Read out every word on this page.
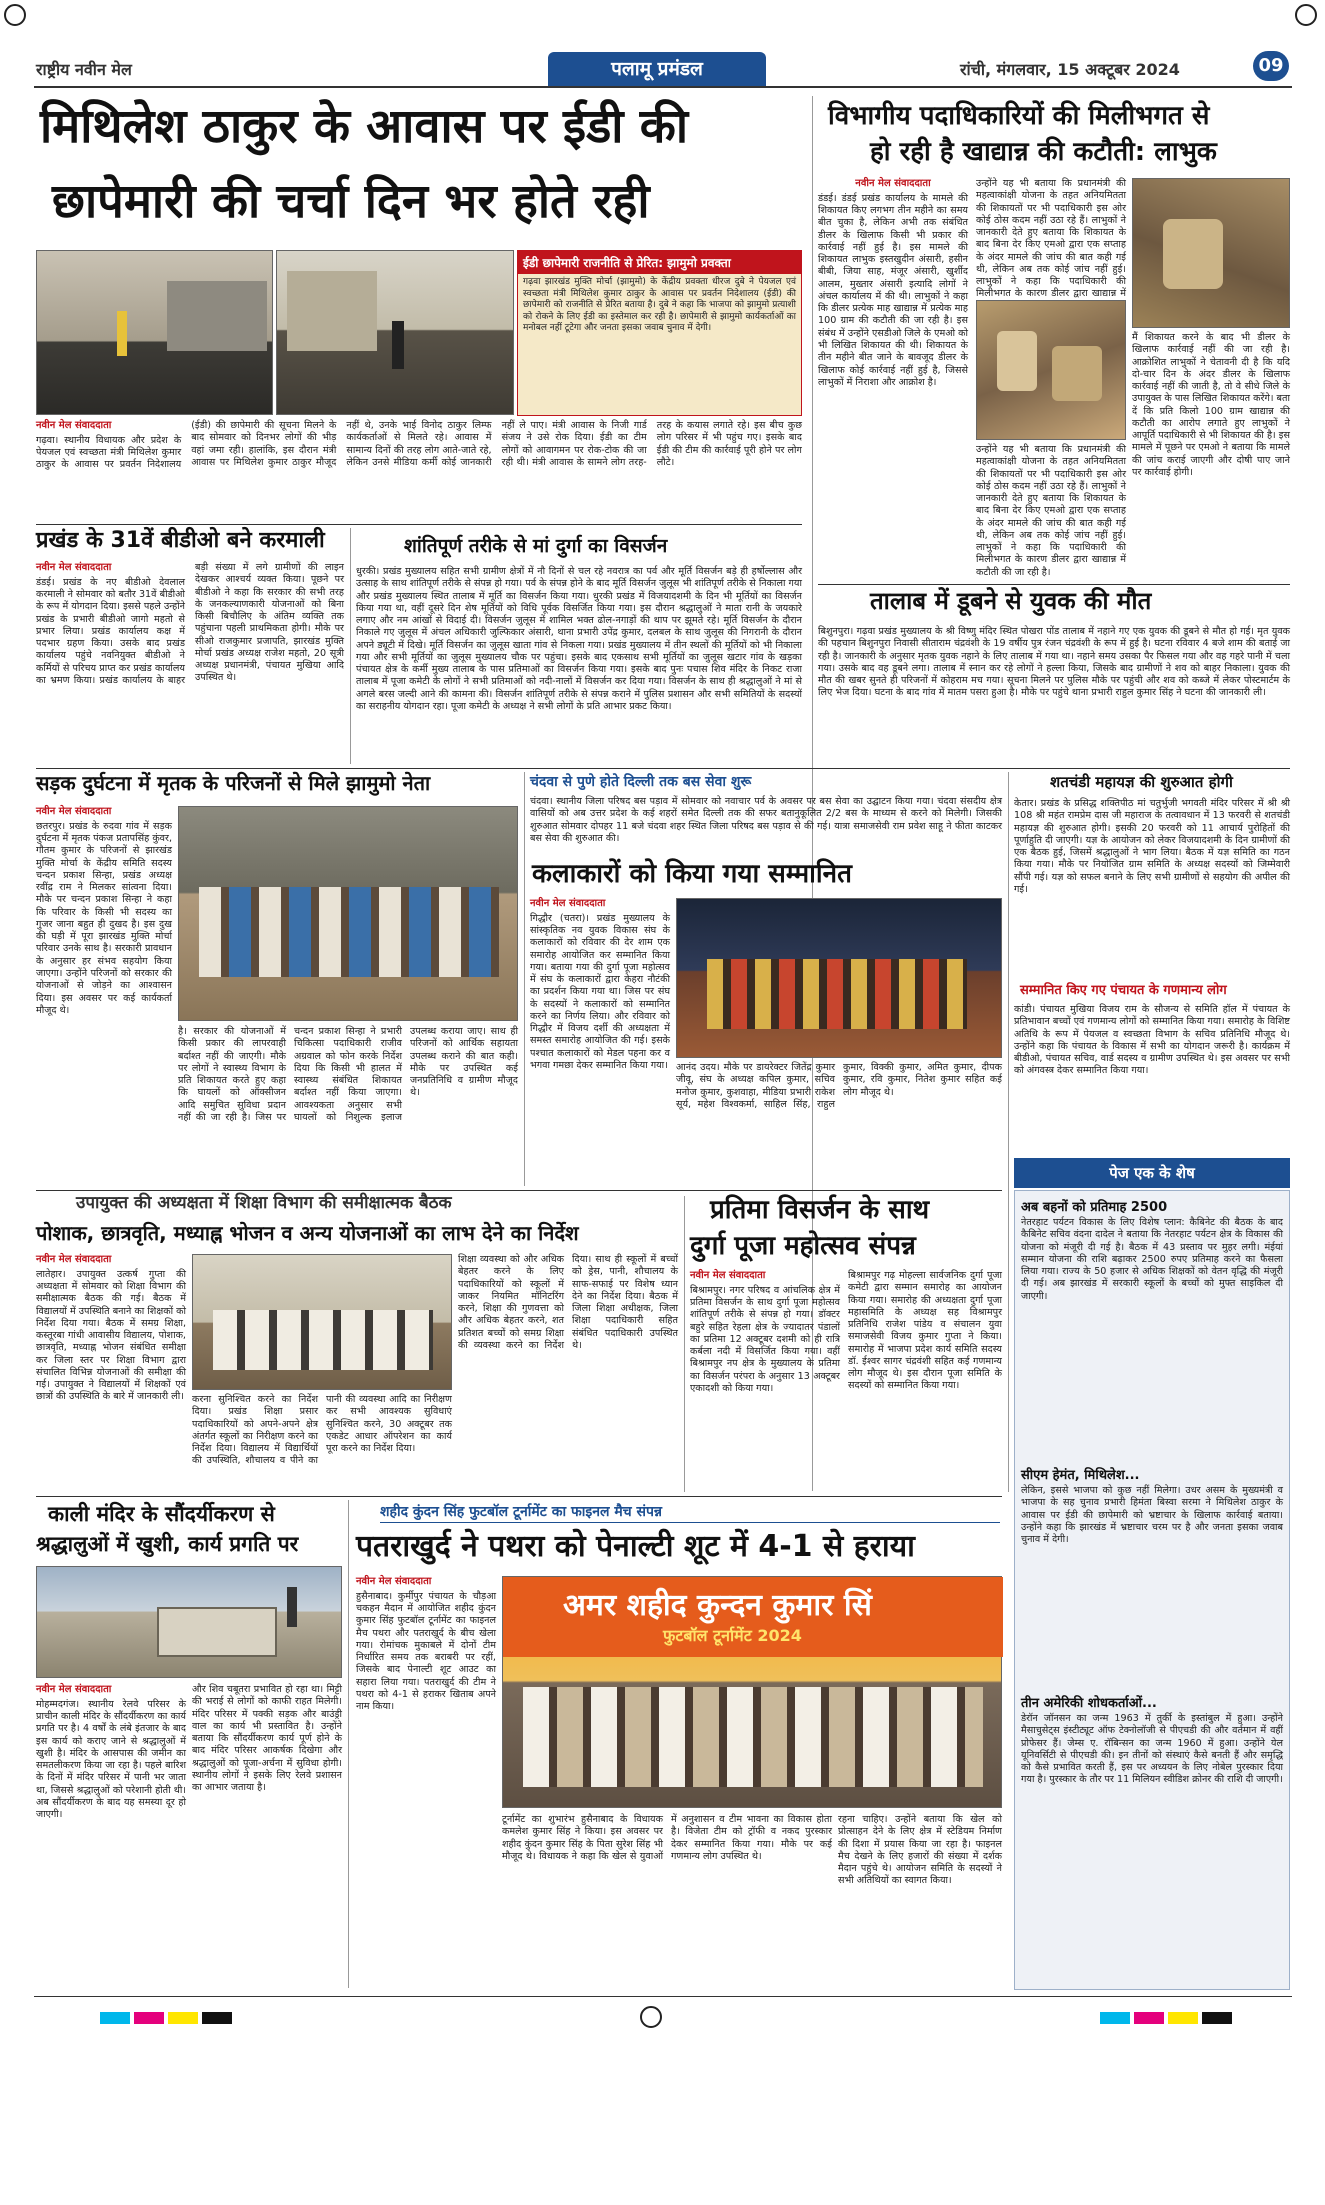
राष्ट्रीय नवीन मेल	पलामू प्रमंडल	रांची, मंगलवार, 15 अक्टूबर 2024	09
मिथिलेश ठाकुर के आवास पर ईडी की
छापेमारी की चर्चा दिन भर होते रही
ईडी छापेमारी राजनीति से प्रेरित: झामुमो प्रवक्ता
गढ़वा झारखंड मुक्ति मोर्चा (झामुमो) के केंद्रीय प्रवक्ता धीरज दुबे ने पेयजल एवं स्वच्छता मंत्री मिथिलेश कुमार ठाकुर के आवास पर प्रवर्तन निदेशालय (ईडी) की छापेमारी को राजनीति से प्रेरित बताया है। दुबे ने कहा कि भाजपा को झामुमो प्रत्याशी को रोकने के लिए ईडी का इस्तेमाल कर रही है। छापेमारी से झामुमो कार्यकर्ताओं का मनोबल नहीं टूटेगा और जनता इसका जवाब चुनाव में देगी।
नवीन मेल संवाददाता
गढ़वा। स्थानीय विधायक और प्रदेश के पेयजल एवं स्वच्छता मंत्री मिथिलेश कुमार ठाकुर के आवास पर प्रवर्तन निदेशालय (ईडी) की छापेमारी की सूचना मिलने के बाद सोमवार को दिनभर लोगों की भीड़ वहां जमा रही। हालांकि, इस दौरान मंत्री आवास पर मिथिलेश कुमार ठाकुर मौजूद नहीं थे, उनके भाई विनोद ठाकुर लिम्फ कार्यकर्ताओं से मिलते रहे। आवास में सामान्य दिनों की तरह लोग आते-जाते रहे, लेकिन उनसे मीडिया कर्मी कोई जानकारी नहीं ले पाए। मंत्री आवास के निजी गार्ड संजय ने उसे रोक दिया। ईडी का टीम लोगों को आवागमन पर रोक-टोक की जा रही थी। मंत्री आवास के सामने लोग तरह-तरह के कयास लगाते रहे। इस बीच कुछ लोग परिसर में भी पहुंच गए। इसके बाद ईडी की टीम की कार्रवाई पूरी होने पर लोग लौटे।
विभागीय पदाधिकारियों की मिलीभगत से
हो रही है खाद्यान्न की कटौती: लाभुक
नवीन मेल संवाददाता
डंडई। डंडई प्रखंड कार्यालय के मामले की शिकायत किए लगभग तीन महीने का समय बीत चुका है, लेकिन अभी तक संबंधित डीलर के खिलाफ किसी भी प्रकार की कार्रवाई नहीं हुई है। इस मामले की शिकायत लाभुक इस्तखुदीन अंसारी, हसीन बीबी, जिया साह, मंजूर अंसारी, खुर्शीद आलम, मुख्तार अंसारी इत्यादि लोगों ने अंचल कार्यालय में की थी। लाभुकों ने कहा कि डीलर प्रत्येक माह खाद्यान्न में प्रत्येक माह 100 ग्राम की कटौती की जा रही है। इस संबंध में उन्होंने एसडीओ जिले के एमओ को भी लिखित शिकायत की थी। शिकायत के तीन महीने बीत जाने के बावजूद डीलर के खिलाफ कोई कार्रवाई नहीं हुई है, जिससे लाभुकों में निराशा और आक्रोश है।
उन्होंने यह भी बताया कि प्रधानमंत्री की महत्वाकांक्षी योजना के तहत अनियमितता की शिकायतों पर भी पदाधिकारी इस ओर कोई ठोस कदम नहीं उठा रहे हैं। लाभुकों ने जानकारी देते हुए बताया कि शिकायत के बाद बिना देर किए एमओ द्वारा एक सप्ताह के अंदर मामले की जांच की बात कही गई थी, लेकिन अब तक कोई जांच नहीं हुई। लाभुकों ने कहा कि पदाधिकारी की मिलीभगत के कारण डीलर द्वारा खाद्यान्न में
उन्होंने यह भी बताया कि प्रधानमंत्री की महत्वाकांक्षी योजना के तहत अनियमितता की शिकायतों पर भी पदाधिकारी इस ओर कोई ठोस कदम नहीं उठा रहे हैं। लाभुकों ने जानकारी देते हुए बताया कि शिकायत के बाद बिना देर किए एमओ द्वारा एक सप्ताह के अंदर मामले की जांच की बात कही गई थी, लेकिन अब तक कोई जांच नहीं हुई। लाभुकों ने कहा कि पदाधिकारी की मिलीभगत के कारण डीलर द्वारा खाद्यान्न में कटौती की जा रही है।
मैं शिकायत करने के बाद भी डीलर के खिलाफ कार्रवाई नहीं की जा रही है। आक्रोशित लाभुकों ने चेतावनी दी है कि यदि दो-चार दिन के अंदर डीलर के खिलाफ कार्रवाई नहीं की जाती है, तो वे सीधे जिले के उपायुक्त के पास लिखित शिकायत करेंगे। बता दें कि प्रति किलो 100 ग्राम खाद्यान्न की कटौती का आरोप लगाते हुए लाभुकों ने आपूर्ति पदाधिकारी से भी शिकायत की है। इस मामले में पूछने पर एमओ ने बताया कि मामले की जांच कराई जाएगी और दोषी पाए जाने पर कार्रवाई होगी।
प्रखंड के 31वें बीडीओ बने करमाली
नवीन मेल संवाददाता
डंडई। प्रखंड के नए बीडीओ देवलाल करमाली ने सोमवार को बतौर 31वें बीडीओ के रूप में योगदान दिया। इससे पहले उन्होंने प्रखंड के प्रभारी बीडीओ जागो महतो से प्रभार लिया। प्रखंड कार्यालय कक्ष में पदभार ग्रहण किया। उसके बाद प्रखंड कार्यालय पहुंचे नवनियुक्त बीडीओ ने कर्मियों से परिचय प्राप्त कर प्रखंड कार्यालय का भ्रमण किया। प्रखंड कार्यालय के बाहर बड़ी संख्या में लगे ग्रामीणों की लाइन देखकर आश्चर्य व्यक्त किया। पूछने पर बीडीओ ने कहा कि सरकार की सभी तरह के जनकल्याणकारी योजनाओं को बिना किसी बिचौलिए के अंतिम व्यक्ति तक पहुंचाना पहली प्राथमिकता होगी। मौके पर सीओ राजकुमार प्रजापति, झारखंड मुक्ति मोर्चा प्रखंड अध्यक्ष राजेश महतो, 20 सूत्री अध्यक्ष प्रधानमंत्री, पंचायत मुखिया आदि उपस्थित थे।
शांतिपूर्ण तरीके से मां दुर्गा का विसर्जन
धुरकी। प्रखंड मुख्यालय सहित सभी ग्रामीण क्षेत्रों में नौ दिनों से चल रहे नवरात्र का पर्व और मूर्ति विसर्जन बड़े ही हर्षोल्लास और उत्साह के साथ शांतिपूर्ण तरीके से संपन्न हो गया। पर्व के संपन्न होने के बाद मूर्ति विसर्जन जुलूस भी शांतिपूर्ण तरीके से निकाला गया और प्रखंड मुख्यालय स्थित तालाब में मूर्ति का विसर्जन किया गया। धुरकी प्रखंड में विजयादशमी के दिन भी मूर्तियों का विसर्जन किया गया था, वहीं दूसरे दिन शेष मूर्तियों को विधि पूर्वक विसर्जित किया गया। इस दौरान श्रद्धालुओं ने माता रानी के जयकारे लगाए और नम आंखों से विदाई दी। विसर्जन जुलूस में शामिल भक्त ढोल-नगाड़ों की थाप पर झूमते रहे। मूर्ति विसर्जन के दौरान निकाले गए जुलूस में अंचल अधिकारी जुल्फिकार अंसारी, थाना प्रभारी उपेंद्र कुमार, दलबल के साथ जुलूस की निगरानी के दौरान अपने ड्यूटी में दिखे। मूर्ति विसर्जन का जुलूस खाता गांव से निकला गया। प्रखंड मुख्यालय में तीन स्थलों की मूर्तियों को भी निकाला गया और सभी मूर्तियों का जुलूस मुख्यालय चौक पर पहुंचा। इसके बाद एकसाथ सभी मूर्तियों का जुलूस खटार गांव के खड़का पंचायत क्षेत्र के कर्मी मुख्य तालाब के पास प्रतिमाओं का विसर्जन किया गया। इसके बाद पुनः पचास शिव मंदिर के निकट राजा तालाब में पूजा कमेटी के लोगों ने सभी प्रतिमाओं को नदी-नालों में विसर्जन कर दिया गया। विसर्जन के साथ ही श्रद्धालुओं ने मां से अगले बरस जल्दी आने की कामना की। विसर्जन शांतिपूर्ण तरीके से संपन्न कराने में पुलिस प्रशासन और सभी समितियों के सदस्यों का सराहनीय योगदान रहा। पूजा कमेटी के अध्यक्ष ने सभी लोगों के प्रति आभार प्रकट किया।
तालाब में डूबने से युवक की मौत
बिशुनपुरा। गढ़वा प्रखंड मुख्यालय के श्री विष्णु मंदिर स्थित पोखरा पोंड तालाब में नहाने गए एक युवक की डूबने से मौत हो गई। मृत युवक की पहचान बिशुनपुरा निवासी सीताराम चंद्रवंशी के 19 वर्षीय पुत्र रंजन चंद्रवंशी के रूप में हुई है। घटना रविवार 4 बजे शाम की बताई जा रही है। जानकारी के अनुसार मृतक युवक नहाने के लिए तालाब में गया था। नहाने समय उसका पैर फिसल गया और वह गहरे पानी में चला गया। उसके बाद वह डूबने लगा। तालाब में स्नान कर रहे लोगों ने हल्ला किया, जिसके बाद ग्रामीणों ने शव को बाहर निकाला। युवक की मौत की खबर सुनते ही परिजनों में कोहराम मच गया। सूचना मिलने पर पुलिस मौके पर पहुंची और शव को कब्जे में लेकर पोस्टमार्टम के लिए भेज दिया। घटना के बाद गांव में मातम पसरा हुआ है। मौके पर पहुंचे थाना प्रभारी राहुल कुमार सिंह ने घटना की जानकारी ली।
सड़क दुर्घटना में मृतक के परिजनों से मिले झामुमो नेता
नवीन मेल संवाददाता
छतरपुर। प्रखंड के रुदवा गांव में सड़क दुर्घटना में मृतक पंकज प्रतापसिंह कुंवर, गौतम कुमार के परिजनों से झारखंड मुक्ति मोर्चा के केंद्रीय समिति सदस्य चन्दन प्रकाश सिन्हा, प्रखंड अध्यक्ष रवींद्र राम ने मिलकर सांत्वना दिया। मौके पर चन्दन प्रकाश सिन्हा ने कहा कि परिवार के किसी भी सदस्य का गुजर जाना बहुत ही दुखद है। इस दुख की घड़ी में पूरा झारखंड मुक्ति मोर्चा परिवार उनके साथ है। सरकारी प्रावधान के अनुसार हर संभव सहयोग किया जाएगा। उन्होंने परिजनों को सरकार की योजनाओं से जोड़ने का आश्वासन दिया। इस अवसर पर कई कार्यकर्ता मौजूद थे।
है। सरकार की योजनाओं में किसी प्रकार की लापरवाही बर्दाश्त नहीं की जाएगी। मौके पर लोगों ने स्वास्थ्य विभाग के प्रति शिकायत करते हुए कहा कि घायलों को ऑक्सीजन आदि समुचित सुविधा प्रदान नहीं की जा रही है। जिस पर चन्दन प्रकाश सिन्हा ने प्रभारी चिकित्सा पदाधिकारी राजीव अग्रवाल को फोन करके निर्देश दिया कि किसी भी हालत में स्वास्थ्य संबंधित शिकायत बर्दाश्त नहीं किया जाएगा। आवश्यकता अनुसार सभी घायलों को निशुल्क इलाज उपलब्ध कराया जाए। साथ ही परिजनों को आर्थिक सहायता उपलब्ध कराने की बात कही। मौके पर उपस्थित कई जनप्रतिनिधि व ग्रामीण मौजूद थे।
चंदवा से पुणे होते दिल्ली तक बस सेवा शुरू
चंदवा। स्थानीय जिला परिषद बस पड़ाव में सोमवार को नवाचार पर्व के अवसर पर बस सेवा का उद्घाटन किया गया। चंदवा संसदीय क्षेत्र वासियों को अब उत्तर प्रदेश के कई शहरों समेत दिल्ली तक की सफर बतानुकूलित 2/2 बस के माध्यम से करने को मिलेगी। जिसकी शुरुआत सोमवार दोपहर 11 बजे चंदवा शहर स्थित जिला परिषद बस पड़ाव से की गई। यात्रा समाजसेवी राम प्रवेश साहू ने फीता काटकर बस सेवा की शुरुआत की।
कलाकारों को किया गया सम्मानित
नवीन मेल संवाददाता
गिद्धौर (चतरा)। प्रखंड मुख्यालय के सांस्कृतिक नव युवक विकास संघ के कलाकारों को रविवार की देर शाम एक समारोह आयोजित कर सम्मानित किया गया। बताया गया की दुर्गा पूजा महोत्सव में संघ के कलाकारों द्वारा केहरा नौटंकी का प्रदर्शन किया गया था। जिस पर संघ के सदस्यों ने कलाकारों को सम्मानित करने का निर्णय लिया। और रविवार को गिद्धौर में विजय दर्शी की अध्यक्षता में समस्त समारोह आयोजित की गई। इसके पश्चात कलाकारों को मेडल पहना कर व भगवा गमछा देकर सम्मानित किया गया। आनंद उदय। मौके पर डायरेक्टर जितेंद्र कुमार जीवू, संघ के अध्यक्ष कपिल कुमार, सचिव मनोज कुमार, कुशवाहा, मीडिया प्रभारी राकेश सूर्य, महेश विश्वकर्मा, साहिल सिंह, राहुल कुमार, विक्की कुमार, अमित कुमार, दीपक कुमार, रवि कुमार, नितेश कुमार सहित कई लोग मौजूद थे।
शतचंडी महायज्ञ की शुरुआत होगी
केतार। प्रखंड के प्रसिद्ध शक्तिपीठ मां चतुर्भुजी भगवती मंदिर परिसर में श्री श्री 108 श्री महंत रामप्रेम दास जी महाराज के तत्वावधान में 13 फरवरी से शतचंडी महायज्ञ की शुरुआत होगी। इसकी 20 फरवरी को 11 आचार्य पुरोहितों की पूर्णाहुति दी जाएगी। यज्ञ के आयोजन को लेकर विजयादशमी के दिन ग्रामीणों की एक बैठक हुई, जिसमें श्रद्धालुओं ने भाग लिया। बैठक में यज्ञ समिति का गठन किया गया। मौके पर नियोजित ग्राम समिति के अध्यक्ष सदस्यों को जिम्मेवारी सौंपी गई। यज्ञ को सफल बनाने के लिए सभी ग्रामीणों से सहयोग की अपील की गई।
सम्मानित किए गए पंचायत के गणमान्य लोग
कांडी। पंचायत मुखिया विजय राम के सौजन्य से समिति हॉल में पंचायत के प्रतिभावान बच्चों एवं गणमान्य लोगों को सम्मानित किया गया। समारोह के विशिष्ट अतिथि के रूप में पेयजल व स्वच्छता विभाग के सचिव प्रतिनिधि मौजूद थे। उन्होंने कहा कि पंचायत के विकास में सभी का योगदान जरूरी है। कार्यक्रम में बीडीओ, पंचायत सचिव, वार्ड सदस्य व ग्रामीण उपस्थित थे। इस अवसर पर सभी को अंगवस्त्र देकर सम्मानित किया गया।
उपायुक्त की अध्यक्षता में शिक्षा विभाग की समीक्षात्मक बैठक
पोशाक, छात्रवृति, मध्याह्न भोजन व अन्य योजनाओं का लाभ देने का निर्देश
नवीन मेल संवाददाता
लातेहार। उपायुक्त उत्कर्ष गुप्ता की अध्यक्षता में सोमवार को शिक्षा विभाग की समीक्षात्मक बैठक की गई। बैठक में विद्यालयों में उपस्थिति बनाने का शिक्षकों को निर्देश दिया गया। बैठक में समग्र शिक्षा, कस्तूरबा गांधी आवासीय विद्यालय, पोशाक, छात्रवृति, मध्याह्न भोजन संबंधित समीक्षा कर जिला स्तर पर शिक्षा विभाग द्वारा संचालित विभिन्न योजनाओं की समीक्षा की गई। उपायुक्त ने विद्यालयों में शिक्षकों एवं छात्रों की उपस्थिति के बारे में जानकारी ली। करना सुनिश्चित करने का निर्देश दिया। प्रखंड शिक्षा प्रसार पदाधिकारियों को अपने-अपने क्षेत्र अंतर्गत स्कूलों का निरीक्षण करने का निर्देश दिया। विद्यालय में विद्यार्थियों की उपस्थिति, शौचालय व पीने का पानी की व्यवस्था आदि का निरीक्षण कर सभी आवश्यक सुविधाएं सुनिश्चित करने, 30 अक्टूबर तक एकडेट आधार ऑपरेशन का कार्य पूरा करने का निर्देश दिया।
शिक्षा व्यवस्था को और अधिक बेहतर करने के लिए पदाधिकारियों को स्कूलों में जाकर नियमित मॉनिटरिंग करने, शिक्षा की गुणवत्ता को और अधिक बेहतर करने, शत प्रतिशत बच्चों को समग्र शिक्षा की व्यवस्था करने का निर्देश दिया। साथ ही स्कूलों में बच्चों को ड्रेस, पानी, शौचालय के साफ-सफाई पर विशेष ध्यान देने का निर्देश दिया। बैठक में जिला शिक्षा अधीक्षक, जिला शिक्षा पदाधिकारी सहित संबंधित पदाधिकारी उपस्थित थे।
प्रतिमा विसर्जन के साथ
दुर्गा पूजा महोत्सव संपन्न
नवीन मेल संवाददाता
बिश्रामपुर। नगर परिषद व आंचलिक क्षेत्र में प्रतिमा विसर्जन के साथ दुर्गा पूजा महोत्सव शांतिपूर्ण तरीके से संपन्न हो गया। डॉक्टर बहुरे सहित रेहला क्षेत्र के ज्यादातर पंडालों का प्रतिमा 12 अक्टूबर दशमी को ही रात्रि कर्बला नदी में विसर्जित किया गया। वहीं बिश्रामपुर नप क्षेत्र के मुख्यालय के प्रतिमा का विसर्जन परंपरा के अनुसार 13 अक्टूबर एकादशी को किया गया।
बिश्रामपुर गढ़ मोहल्ला सार्वजनिक दुर्गा पूजा कमेटी द्वारा सम्मान समारोह का आयोजन किया गया। समारोह की अध्यक्षता दुर्गा पूजा महासमिति के अध्यक्ष सह विश्रामपुर प्रतिनिधि राजेश पांडेय व संचालन युवा समाजसेवी विजय कुमार गुप्ता ने किया। समारोह में भाजपा प्रदेश कार्य समिति सदस्य डॉ. ईश्वर सागर चंद्रवंशी सहित कई गणमान्य लोग मौजूद थे। इस दौरान पूजा समिति के सदस्यों को सम्मानित किया गया।
पेज एक के शेष
अब बहनों को प्रतिमाह 2500
नेतरहाट पर्यटन विकास के लिए विशेष प्लान: कैबिनेट की बैठक के बाद कैबिनेट सचिव वंदना दादेल ने बताया कि नेतरहाट पर्यटन क्षेत्र के विकास की योजना को मंजूरी दी गई है। बैठक में 43 प्रस्ताव पर मुहर लगी। मंईयां सम्मान योजना की राशि बढ़ाकर 2500 रुपए प्रतिमाह करने का फैसला लिया गया। राज्य के 50 हजार से अधिक शिक्षकों को वेतन वृद्धि की मंजूरी दी गई। अब झारखंड में सरकारी स्कूलों के बच्चों को मुफ्त साइकिल दी जाएगी।
सीएम हेमंत, मिथिलेश...
लेकिन, इससे भाजपा को कुछ नहीं मिलेगा। उधर असम के मुख्यमंत्री व भाजपा के सह चुनाव प्रभारी हिमंता बिस्वा सरमा ने मिथिलेश ठाकुर के आवास पर ईडी की छापेमारी को भ्रष्टाचार के खिलाफ कार्रवाई बताया। उन्होंने कहा कि झारखंड में भ्रष्टाचार चरम पर है और जनता इसका जवाब चुनाव में देगी।
तीन अमेरिकी शोधकर्ताओं...
डेरॉन जॉनसन का जन्म 1963 में तुर्की के इस्तांबुल में हुआ। उन्होंने मैसाचुसेट्स इंस्टीट्यूट ऑफ टेक्नोलॉजी से पीएचडी की और वर्तमान में वहीं प्रोफेसर हैं। जेम्स ए. रॉबिन्सन का जन्म 1960 में हुआ। उन्होंने येल यूनिवर्सिटी से पीएचडी की। इन तीनों को संस्थाएं कैसे बनती हैं और समृद्धि को कैसे प्रभावित करती हैं, इस पर अध्ययन के लिए नोबेल पुरस्कार दिया गया है। पुरस्कार के तौर पर 11 मिलियन स्वीडिश क्रोनर की राशि दी जाएगी।
काली मंदिर के सौंदर्यीकरण से
श्रद्धालुओं में खुशी, कार्य प्रगति पर
नवीन मेल संवाददाता
मोहम्मदगंज। स्थानीय रेलवे परिसर के प्राचीन काली मंदिर के सौंदर्यीकरण का कार्य प्रगति पर है। 4 वर्षों के लंबे इंतजार के बाद इस कार्य को कराए जाने से श्रद्धालुओं में खुशी है। मंदिर के आसपास की जमीन का समतलीकरण किया जा रहा है। पहले बारिश के दिनों में मंदिर परिसर में पानी भर जाता था, जिससे श्रद्धालुओं को परेशानी होती थी। अब सौंदर्यीकरण के बाद यह समस्या दूर हो जाएगी।
और शिव चबूतरा प्रभावित हो रहा था। मिट्टी की भराई से लोगों को काफी राहत मिलेगी। मंदिर परिसर में पक्की सड़क और बाउंड्री वाल का कार्य भी प्रस्तावित है। उन्होंने बताया कि सौंदर्यीकरण कार्य पूर्ण होने के बाद मंदिर परिसर आकर्षक दिखेगा और श्रद्धालुओं को पूजा-अर्चना में सुविधा होगी। स्थानीय लोगों ने इसके लिए रेलवे प्रशासन का आभार जताया है।
शहीद कुंदन सिंह फुटबॉल टूर्नामेंट का फाइनल मैच संपन्न
पतराखुर्द ने पथरा को पेनाल्टी शूट में 4-1 से हराया
नवीन मेल संवाददाता
हुसैनाबाद। कुर्मीपुर पंचायत के चौड़आ चकहन मैदान में आयोजित शहीद कुंदन कुमार सिंह फुटबॉल टूर्नामेंट का फाइनल मैच पथरा और पतराखुर्द के बीच खेला गया। रोमांचक मुकाबले में दोनों टीम निर्धारित समय तक बराबरी पर रहीं, जिसके बाद पेनाल्टी शूट आउट का सहारा लिया गया। पतराखुर्द की टीम ने पथरा को 4-1 से हराकर खिताब अपने नाम किया।
अमर शहीद कुन्दन कुमार सिं
फुटबॉल टूर्नामेंट 2024
टूर्नामेंट का शुभारंभ हुसैनाबाद के विधायक कमलेश कुमार सिंह ने किया। इस अवसर पर शहीद कुंदन कुमार सिंह के पिता सुरेश सिंह भी मौजूद थे। विधायक ने कहा कि खेल से युवाओं में अनुशासन व टीम भावना का विकास होता है। विजेता टीम को ट्रॉफी व नकद पुरस्कार देकर सम्मानित किया गया। मौके पर कई गणमान्य लोग उपस्थित थे।
रहना चाहिए। उन्होंने बताया कि खेल को प्रोत्साहन देने के लिए क्षेत्र में स्टेडियम निर्माण की दिशा में प्रयास किया जा रहा है। फाइनल मैच देखने के लिए हजारों की संख्या में दर्शक मैदान पहुंचे थे। आयोजन समिति के सदस्यों ने सभी अतिथियों का स्वागत किया।
